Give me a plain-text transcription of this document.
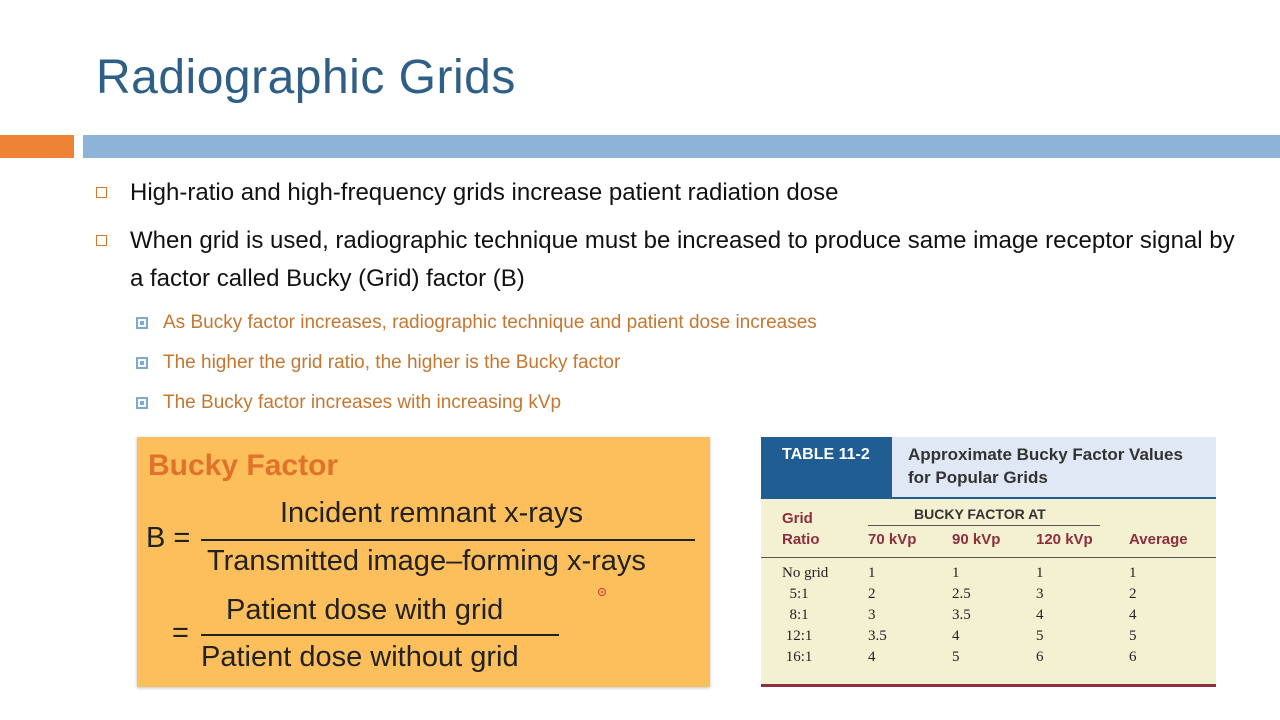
Radiographic Grids
High-ratio and high-frequency grids increase patient radiation dose
When grid is used, radiographic technique must be increased to produce same image receptor signal by a factor called Bucky (Grid) factor (B)
As Bucky factor increases, radiographic technique and patient dose increases
The higher the grid ratio, the higher is the Bucky factor
The Bucky factor increases with increasing kVp
Bucky Factor
B =
Incident remnant x-rays
Transmitted image–forming x-rays
=
Patient dose with grid
Patient dose without grid
TABLE 11-2 Approximate Bucky Factor Values
for Popular Grids
Grid
Ratio
BUCKY FACTOR AT
70 kVp 90 kVp 120 kVp Average
No grid	1	1	1	1
5:1	2	2.5	3	2
8:1	3	3.5	4	4
12:1	3.5	4	5	5
16:1	4	5	6	6
